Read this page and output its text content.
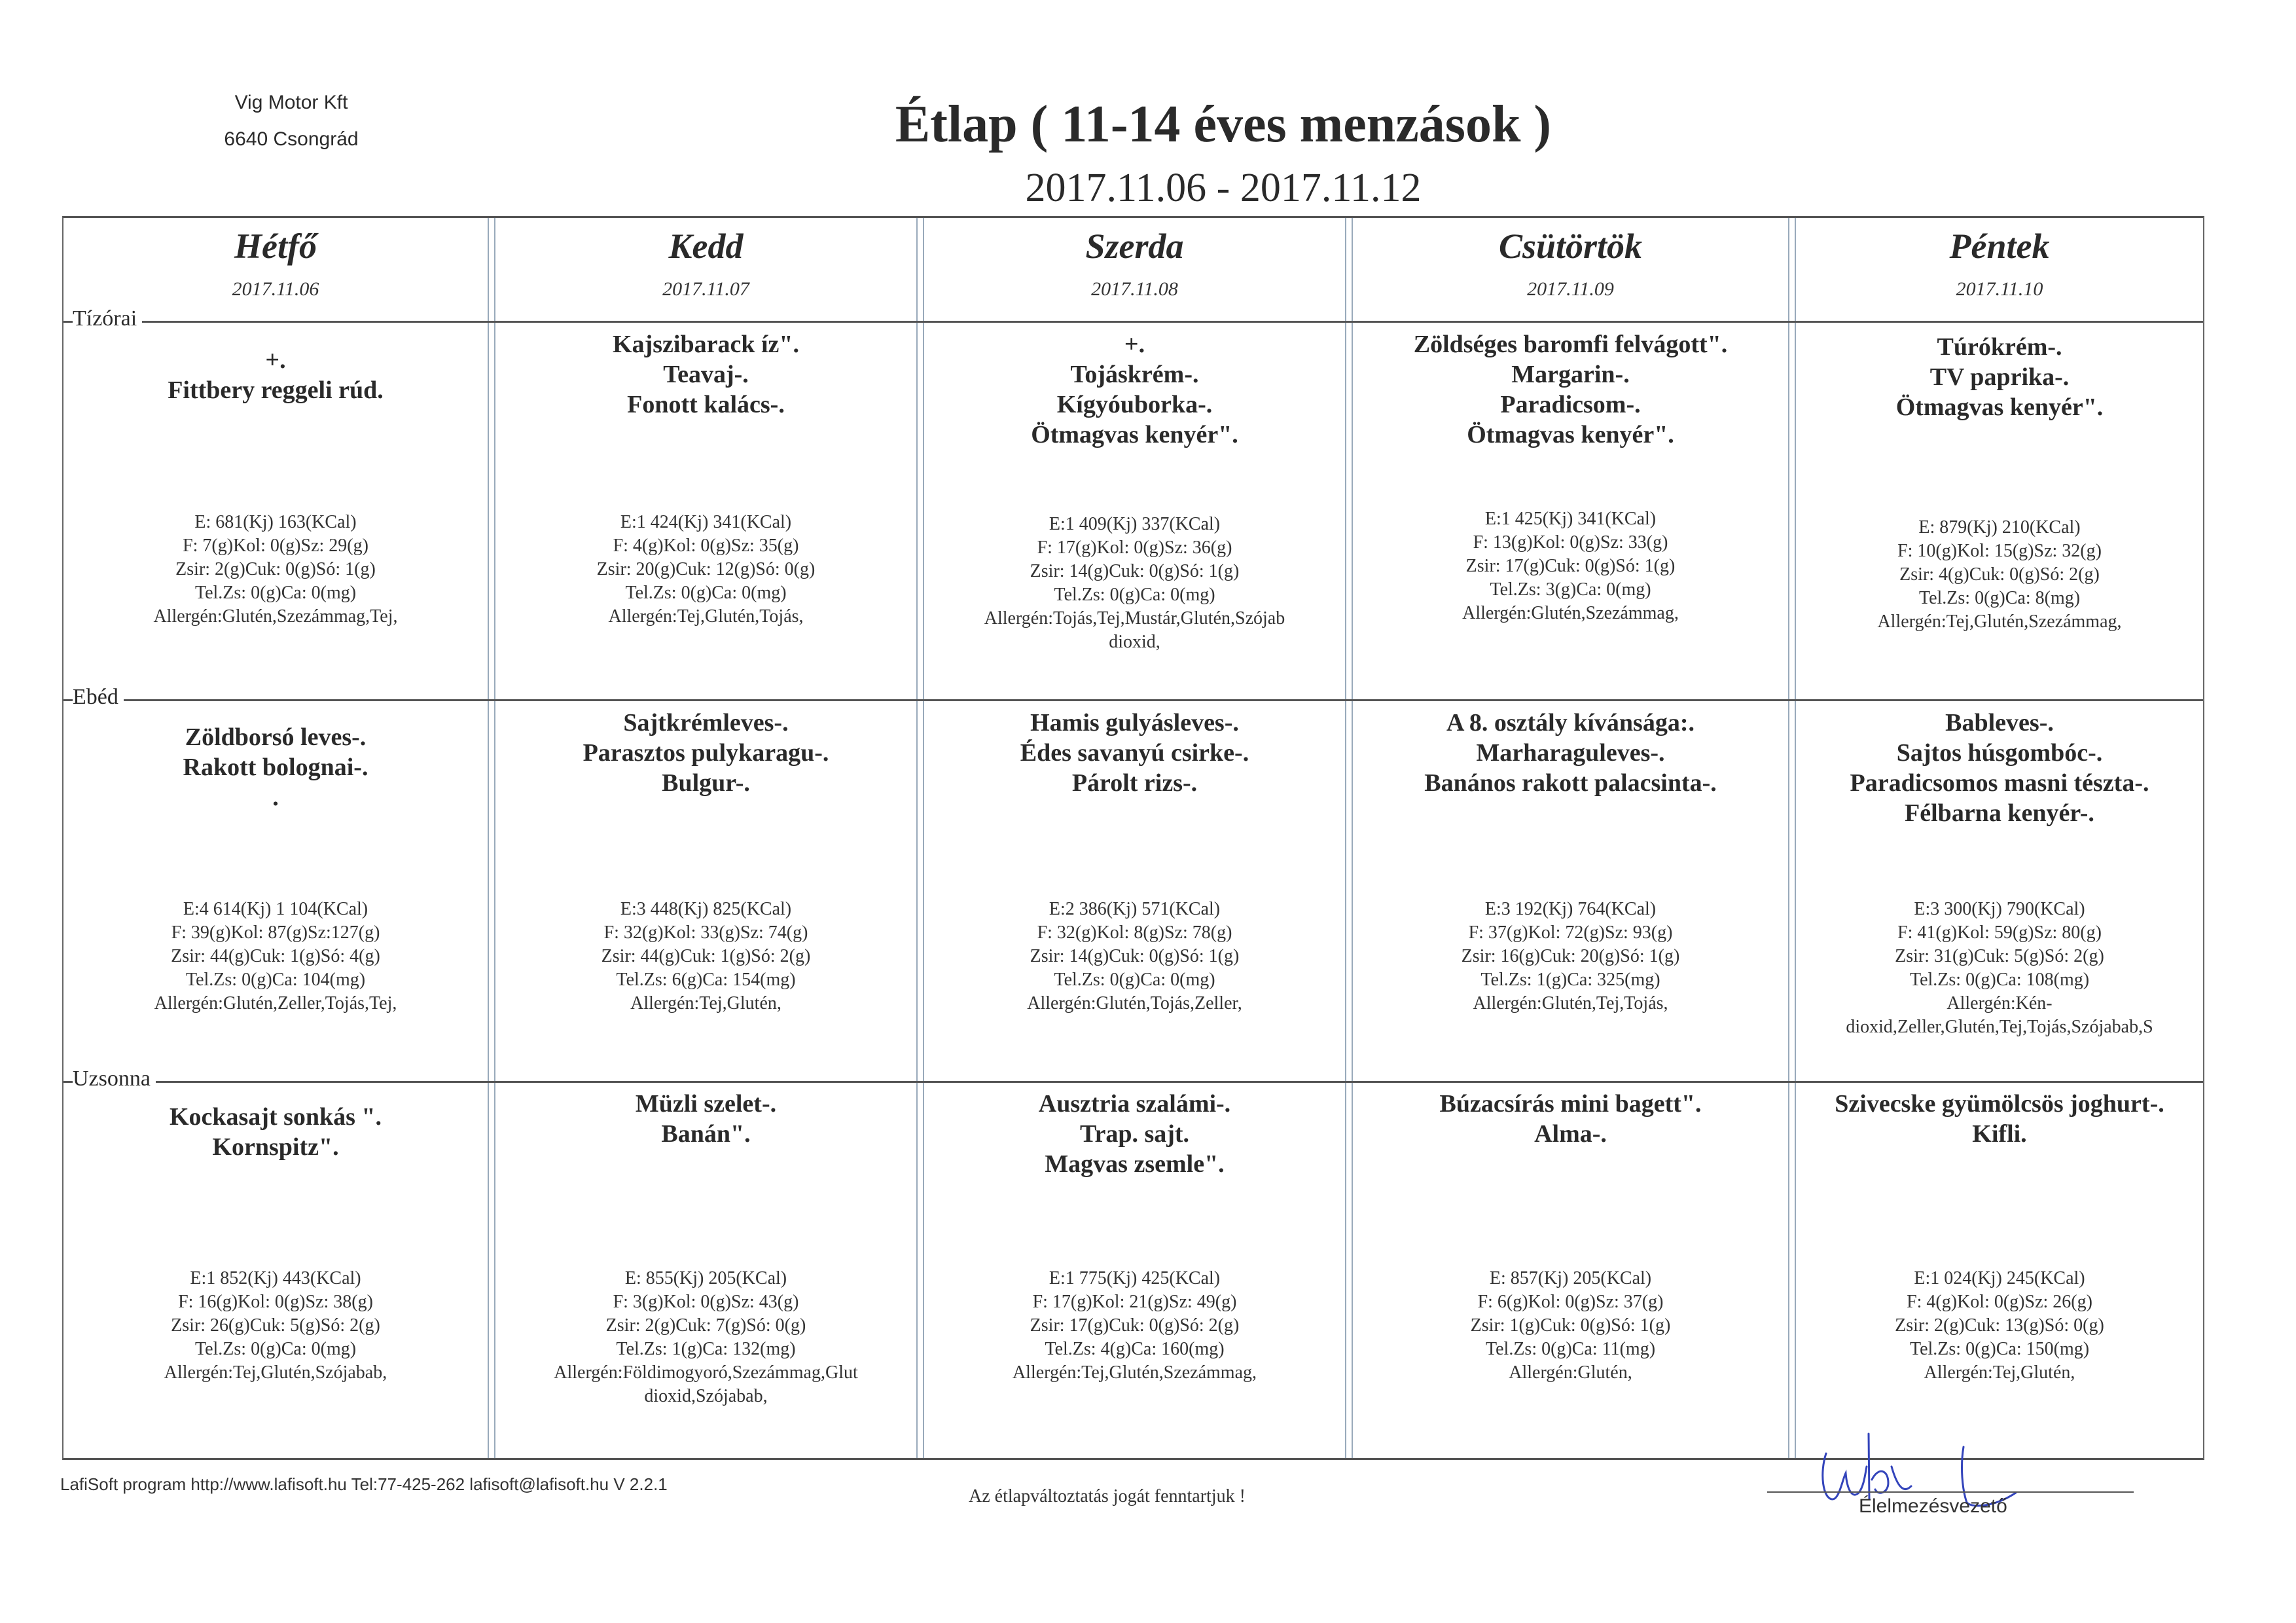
Vig Motor Kft
6640 Csongrád	Étlap ( 11-14 éves menzások )
2017.11.06 - 2017.11.12
Tízórai
Ebéd
Uzsonna
Hétfő
2017.11.06
Kedd
2017.11.07
Szerda
2017.11.08
Csütörtök
2017.11.09
Péntek
2017.11.10
+.
Fittbery reggeli rúd.
E: 681(Kj) 163(KCal)
F: 7(g)Kol: 0(g)Sz: 29(g)
Zsir: 2(g)Cuk: 0(g)Só: 1(g)
Tel.Zs: 0(g)Ca: 0(mg)
Allergén:Glutén,Szezámmag,Tej,
Kajszibarack íz".
Teavaj-.
Fonott kalács-.
E:1 424(Kj) 341(KCal)
F: 4(g)Kol: 0(g)Sz: 35(g)
Zsir: 20(g)Cuk: 12(g)Só: 0(g)
Tel.Zs: 0(g)Ca: 0(mg)
Allergén:Tej,Glutén,Tojás,
+.
Tojáskrém-.
Kígyóuborka-.
Ötmagvas kenyér".
E:1 409(Kj) 337(KCal)
F: 17(g)Kol: 0(g)Sz: 36(g)
Zsir: 14(g)Cuk: 0(g)Só: 1(g)
Tel.Zs: 0(g)Ca: 0(mg)
Allergén:Tojás,Tej,Mustár,Glutén,Szójab
dioxid,
Zöldséges baromfi felvágott".
Margarin-.
Paradicsom-.
Ötmagvas kenyér".
E:1 425(Kj) 341(KCal)
F: 13(g)Kol: 0(g)Sz: 33(g)
Zsir: 17(g)Cuk: 0(g)Só: 1(g)
Tel.Zs: 3(g)Ca: 0(mg)
Allergén:Glutén,Szezámmag,
Túrókrém-.
TV paprika-.
Ötmagvas kenyér".
E: 879(Kj) 210(KCal)
F: 10(g)Kol: 15(g)Sz: 32(g)
Zsir: 4(g)Cuk: 0(g)Só: 2(g)
Tel.Zs: 0(g)Ca: 8(mg)
Allergén:Tej,Glutén,Szezámmag,
Zöldborsó leves-.
Rakott bolognai-.
.
E:4 614(Kj) 1 104(KCal)
F: 39(g)Kol: 87(g)Sz:127(g)
Zsir: 44(g)Cuk: 1(g)Só: 4(g)
Tel.Zs: 0(g)Ca: 104(mg)
Allergén:Glutén,Zeller,Tojás,Tej,
Sajtkrémleves-.
Parasztos pulykaragu-.
Bulgur-.
E:3 448(Kj) 825(KCal)
F: 32(g)Kol: 33(g)Sz: 74(g)
Zsir: 44(g)Cuk: 1(g)Só: 2(g)
Tel.Zs: 6(g)Ca: 154(mg)
Allergén:Tej,Glutén,
Hamis gulyásleves-.
Édes savanyú csirke-.
Párolt rizs-.
E:2 386(Kj) 571(KCal)
F: 32(g)Kol: 8(g)Sz: 78(g)
Zsir: 14(g)Cuk: 0(g)Só: 1(g)
Tel.Zs: 0(g)Ca: 0(mg)
Allergén:Glutén,Tojás,Zeller,
A 8. osztály kívánsága:.
Marharaguleves-.
Banános rakott palacsinta-.
E:3 192(Kj) 764(KCal)
F: 37(g)Kol: 72(g)Sz: 93(g)
Zsir: 16(g)Cuk: 20(g)Só: 1(g)
Tel.Zs: 1(g)Ca: 325(mg)
Allergén:Glutén,Tej,Tojás,
Bableves-.
Sajtos húsgombóc-.
Paradicsomos masni tészta-.
Félbarna kenyér-.
E:3 300(Kj) 790(KCal)
F: 41(g)Kol: 59(g)Sz: 80(g)
Zsir: 31(g)Cuk: 5(g)Só: 2(g)
Tel.Zs: 0(g)Ca: 108(mg)
Allergén:Kén-
dioxid,Zeller,Glutén,Tej,Tojás,Szójabab,S
Kockasajt sonkás ".
Kornspitz".
E:1 852(Kj) 443(KCal)
F: 16(g)Kol: 0(g)Sz: 38(g)
Zsir: 26(g)Cuk: 5(g)Só: 2(g)
Tel.Zs: 0(g)Ca: 0(mg)
Allergén:Tej,Glutén,Szójabab,
Müzli szelet-.
Banán".
E: 855(Kj) 205(KCal)
F: 3(g)Kol: 0(g)Sz: 43(g)
Zsir: 2(g)Cuk: 7(g)Só: 0(g)
Tel.Zs: 1(g)Ca: 132(mg)
Allergén:Földimogyoró,Szezámmag,Glut
dioxid,Szójabab,
Ausztria szalámi-.
Trap. sajt.
Magvas zsemle".
E:1 775(Kj) 425(KCal)
F: 17(g)Kol: 21(g)Sz: 49(g)
Zsir: 17(g)Cuk: 0(g)Só: 2(g)
Tel.Zs: 4(g)Ca: 160(mg)
Allergén:Tej,Glutén,Szezámmag,
Búzacsírás mini bagett".
Alma-.
E: 857(Kj) 205(KCal)
F: 6(g)Kol: 0(g)Sz: 37(g)
Zsir: 1(g)Cuk: 0(g)Só: 1(g)
Tel.Zs: 0(g)Ca: 11(mg)
Allergén:Glutén,
Szivecske gyümölcsös joghurt-.
Kifli.
E:1 024(Kj) 245(KCal)
F: 4(g)Kol: 0(g)Sz: 26(g)
Zsir: 2(g)Cuk: 13(g)Só: 0(g)
Tel.Zs: 0(g)Ca: 150(mg)
Allergén:Tej,Glutén,
LafiSoft program http://www.lafisoft.hu Tel:77-425-262 lafisoft@lafisoft.hu V 2.2.1
Az étlapváltoztatás jogát fenntartjuk !	Élelmezésvezető
